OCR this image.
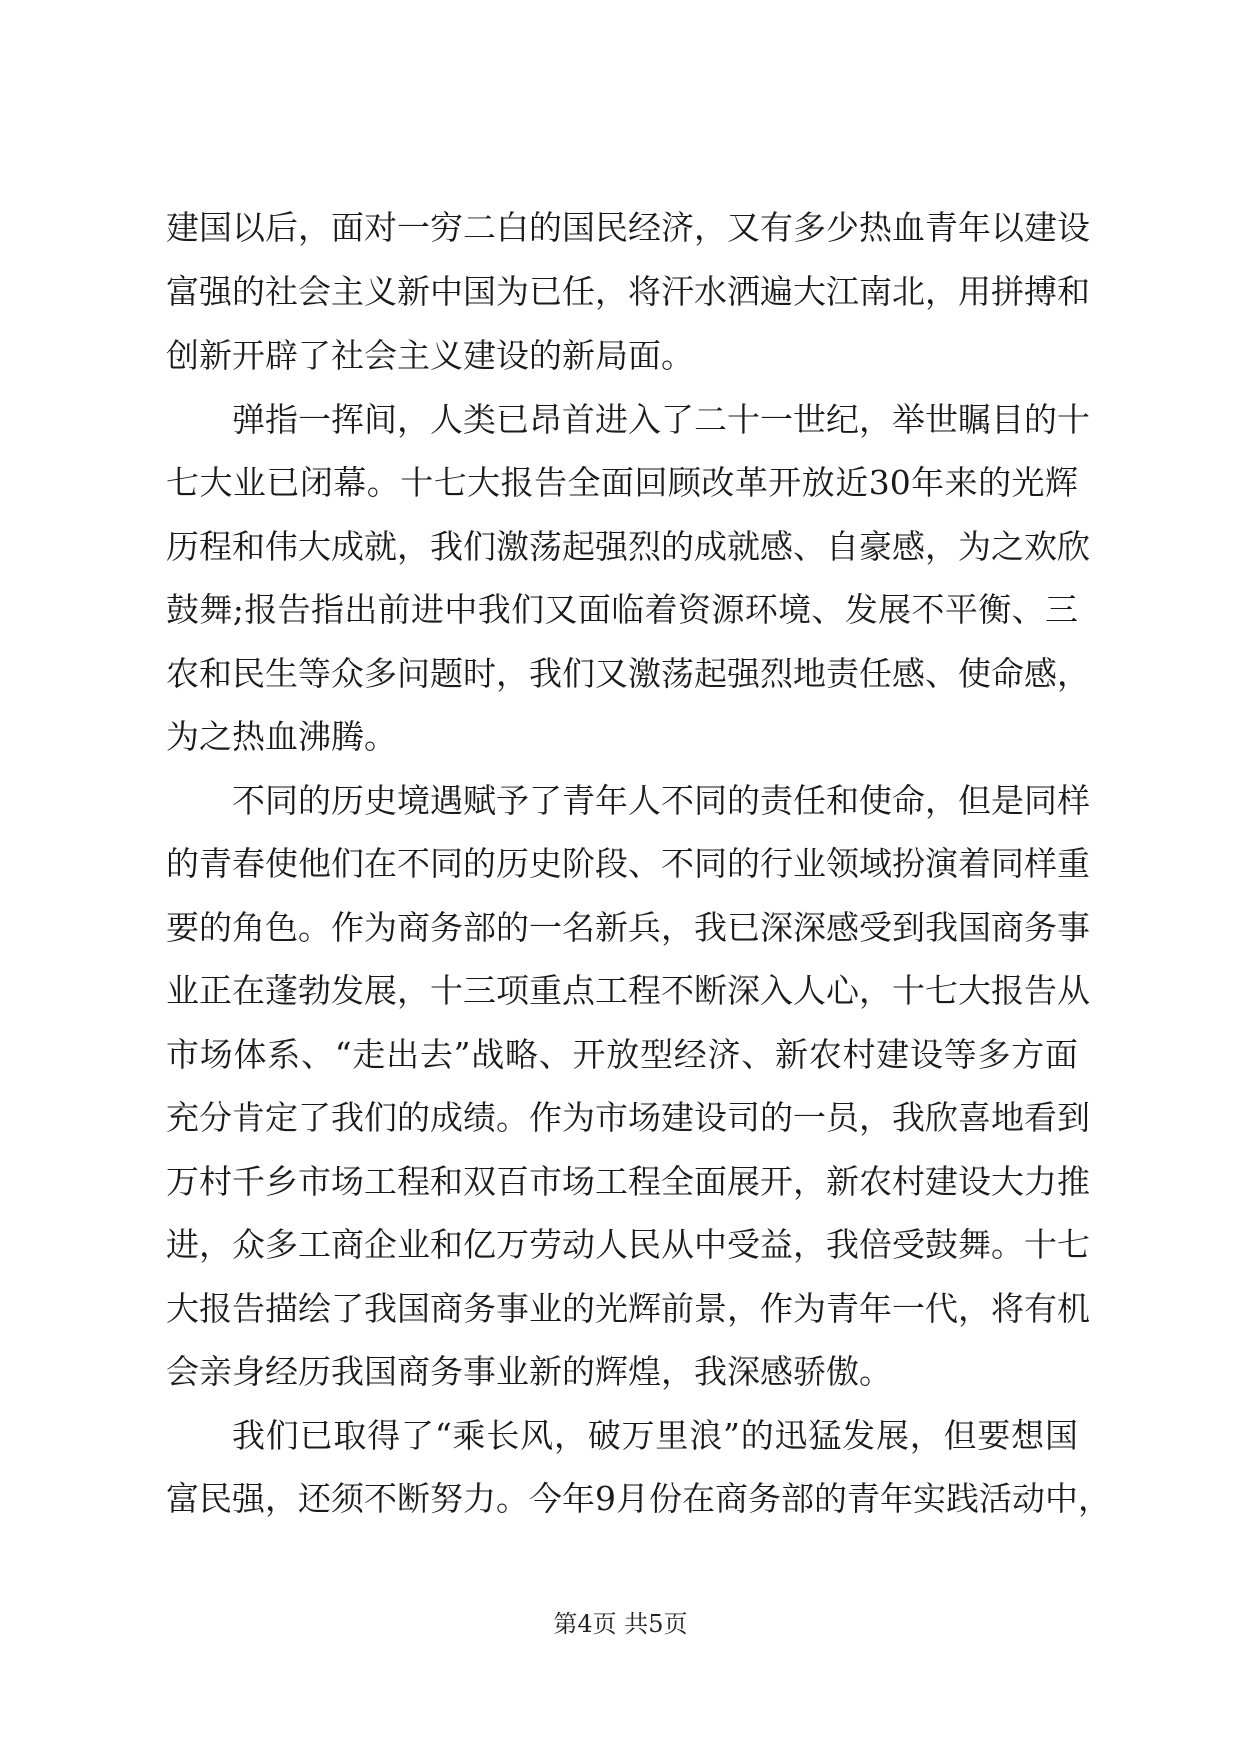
建国以后，面对一穷二白的国民经济，又有多少热血青年以建设
富强的社会主义新中国为已任，将汗水洒遍大江南北，用拼搏和
创新开辟了社会主义建设的新局面。
弹指一挥间，人类已昂首进入了二十一世纪，举世瞩目的十
七大业已闭幕。十七大报告全面回顾改革开放近30年来的光辉
历程和伟大成就，我们激荡起强烈的成就感、自豪感，为之欢欣
鼓舞;报告指出前进中我们又面临着资源环境、发展不平衡、三
农和民生等众多问题时，我们又激荡起强烈地责任感、使命感，
为之热血沸腾。
不同的历史境遇赋予了青年人不同的责任和使命，但是同样
的青春使他们在不同的历史阶段、不同的行业领域扮演着同样重
要的角色。作为商务部的一名新兵，我已深深感受到我国商务事
业正在蓬勃发展，十三项重点工程不断深入人心，十七大报告从
市场体系、“走出去”战略、开放型经济、新农村建设等多方面
充分肯定了我们的成绩。作为市场建设司的一员，我欣喜地看到
万村千乡市场工程和双百市场工程全面展开，新农村建设大力推
进，众多工商企业和亿万劳动人民从中受益，我倍受鼓舞。十七
大报告描绘了我国商务事业的光辉前景，作为青年一代，将有机
会亲身经历我国商务事业新的辉煌，我深感骄傲。
我们已取得了“乘长风，破万里浪”的迅猛发展，但要想国
富民强，还须不断努力。今年9月份在商务部的青年实践活动中，
第4页 共5页
